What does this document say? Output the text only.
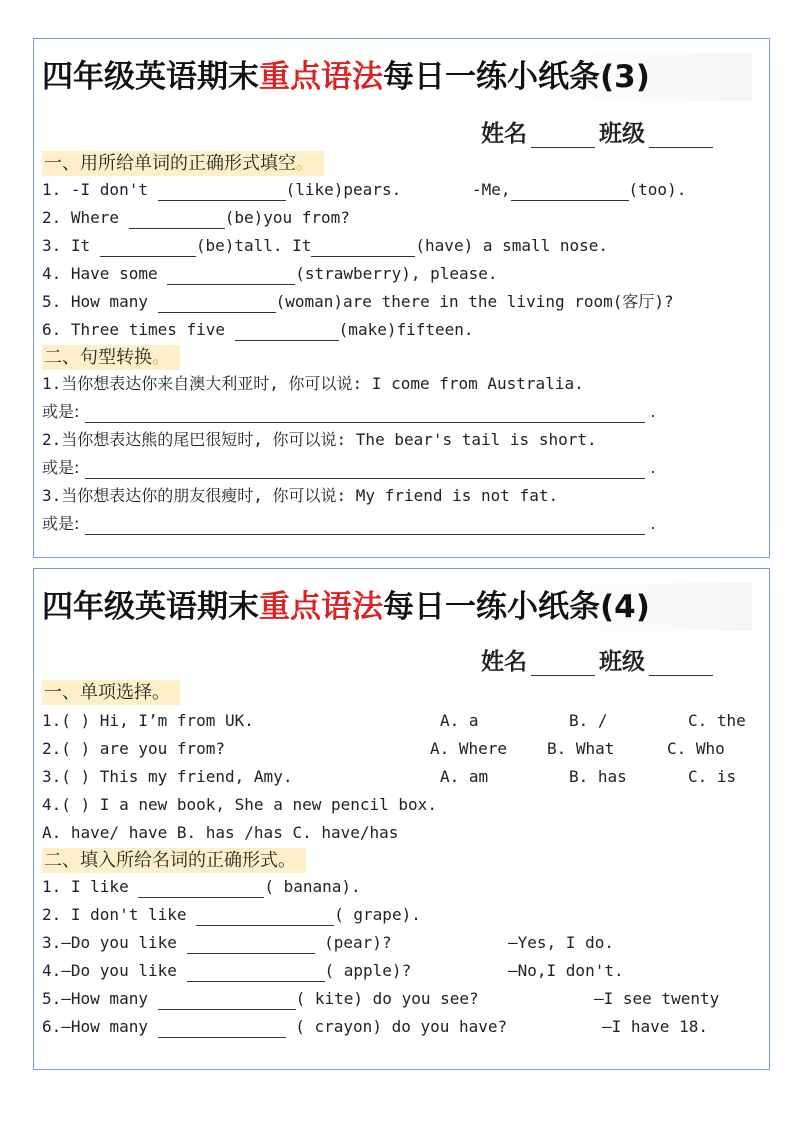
四年级英语期末重点语法每日一练小纸条(3)
姓名	班级
一、用所给单词的正确形式填空。
1. -I don't	(like)pears.	-Me,	(too).
2. Where	(be)you from?
3. It	(be)tall. It	(have) a small nose.
4. Have some	(strawberry), please.
5. How many	(woman)are there in the living room(客厅)?
6. Three times five	(make)fifteen.
二、句型转换。
1.当你想表达你来自澳大利亚时, 你可以说: I come from Australia.
或是:	.
2.当你想表达熊的尾巴很短时, 你可以说: The bear's tail is short.
或是:	.
3.当你想表达你的朋友很瘦时, 你可以说: My friend is not fat.
或是:	.
四年级英语期末重点语法每日一练小纸条(4)
姓名	班级
一、单项选择。
1.( ) Hi, I’m from UK.	A. a	B. /	C. the
2.( ) are you from?	A. Where B. What	C. Who
3.( ) This my friend, Amy.	A. am	B. has	C. is
4.( ) I a new book, She a new pencil box.
A. have/ have B. has /has C. have/has
二、填入所给名词的正确形式。
1. I like	( banana).
2. I don't like	( grape).
3.—Do you like	(pear)?	—Yes, I do.
4.—Do you like	( apple)?	—No,I don't.
5.—How many	( kite) do you see?	—I see twenty
6.—How many	( crayon) do you have?	—I have 18.
